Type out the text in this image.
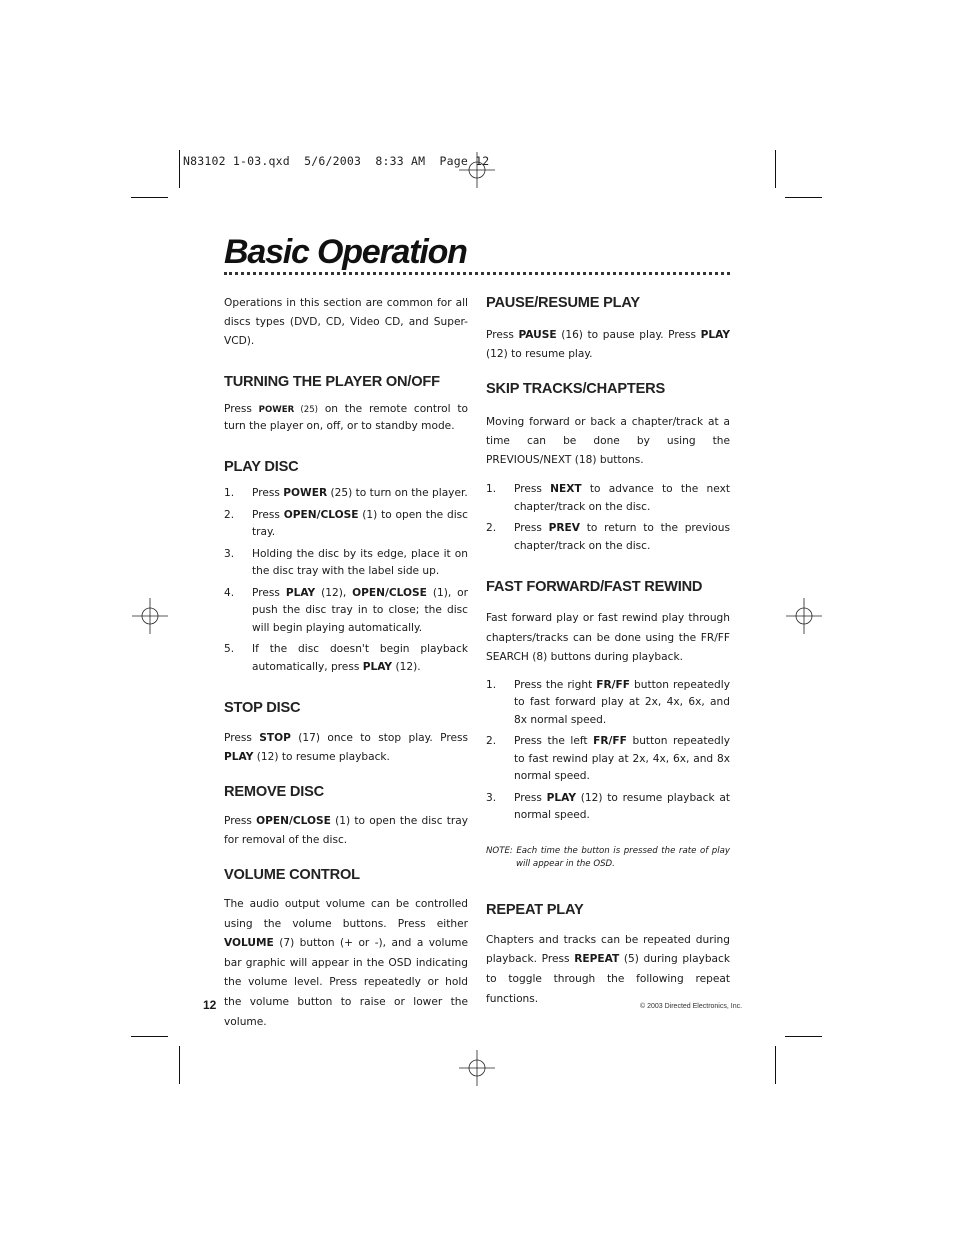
N83102 1-03.qxd  5/6/2003  8:33 AM  Page 12
Basic Operation

Operations in this section are common for all discs types (DVD, CD, Video CD, and Super-VCD).

TURNING THE PLAYER ON/OFF

Press POWER (25) on the remote control to turn the player on, off, or to standby mode.

PLAY DISC
1. Press POWER (25) to turn on the player.
2. Press OPEN/CLOSE (1) to open the disc tray.
3. Holding the disc by its edge, place it on the disc tray with the label side up.
4. Press PLAY (12), OPEN/CLOSE (1), or push the disc tray in to close; the disc will begin playing automatically.
5. If the disc doesn't begin playback automatically, press PLAY (12).
STOP DISC

Press STOP (17) once to stop play. Press PLAY (12) to resume playback.

REMOVE DISC

Press OPEN/CLOSE (1) to open the disc tray for removal of the disc.

VOLUME CONTROL

The audio output volume can be controlled using the volume buttons. Press either VOLUME (7) button (+ or -), and a volume bar graphic will appear in the OSD indicating the volume level. Press repeatedly or hold the volume button to raise or lower the volume.

PAUSE/RESUME PLAY

Press PAUSE (16) to pause play. Press PLAY (12) to resume play.

SKIP TRACKS/CHAPTERS

Moving forward or back a chapter/track at a time can be done by using the PREVIOUS/NEXT (18) buttons.

1. Press NEXT to advance to the next chapter/track on the disc.
2. Press PREV to return to the previous chapter/track on the disc.
FAST FORWARD/FAST REWIND

Fast forward play or fast rewind play through chapters/tracks can be done using the FR/FF SEARCH (8) buttons during playback.

1. Press the right FR/FF button repeatedly to fast forward play at 2x, 4x, 6x, and 8x normal speed.
2. Press the left FR/FF button repeatedly to fast rewind play at 2x, 4x, 6x, and 8x normal speed.
3. Press PLAY (12) to resume playback at normal speed.

NOTE: Each time the button is pressed the rate of play will appear in the OSD.

REPEAT PLAY

Chapters and tracks can be repeated during playback. Press REPEAT (5) during playback to toggle through the following repeat functions.

12	© 2003 Directed Electronics, Inc.
